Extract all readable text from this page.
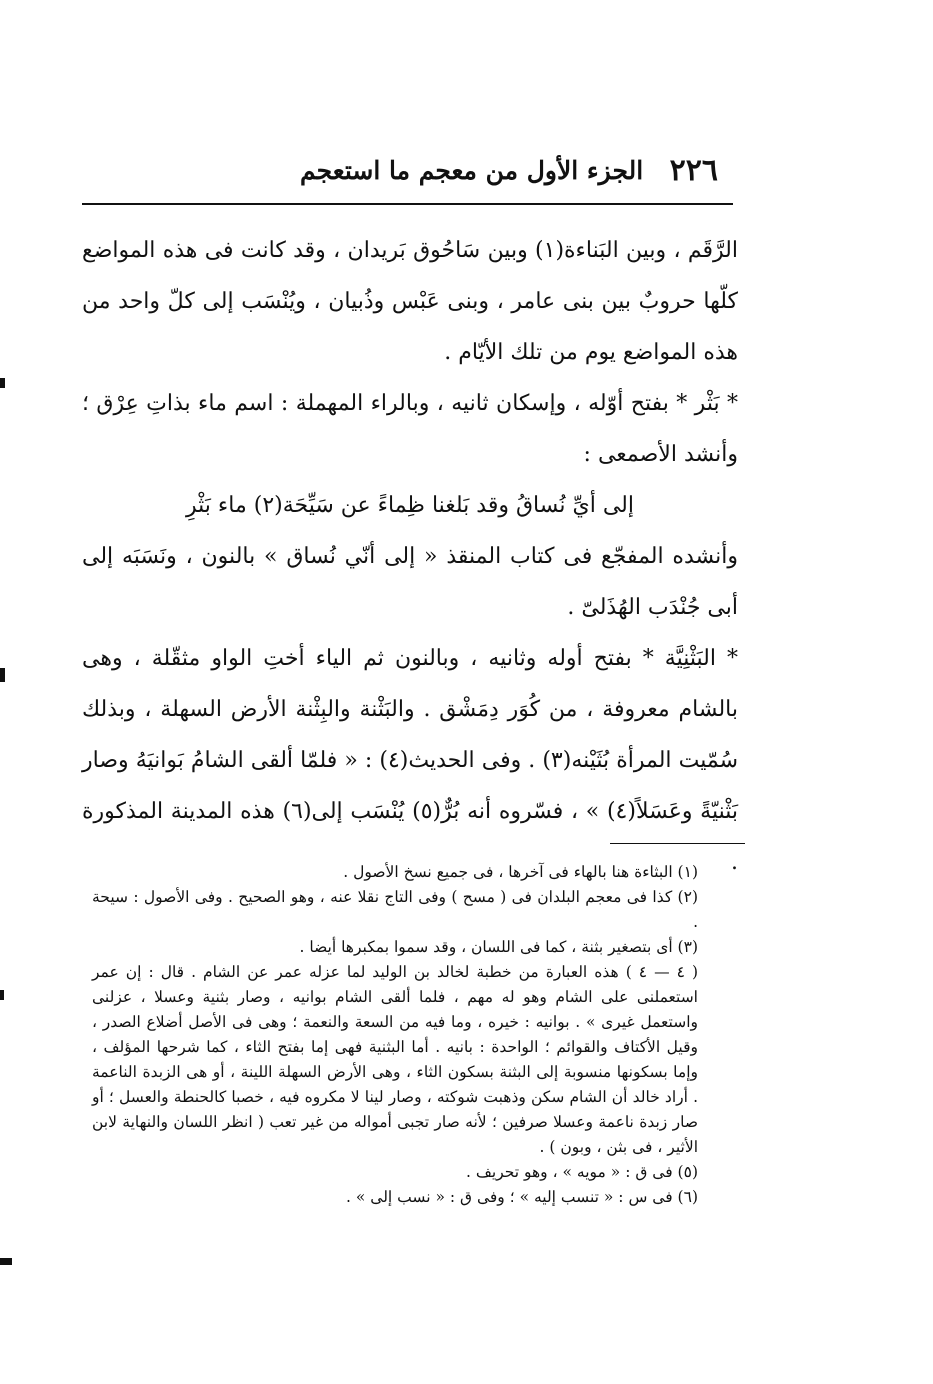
٢٢٦
الجزء الأول من معجم ما استعجم

الرَّقَم ، وبين البَناءة(١) وبين سَاحُوق بَريدان ، وقد كانت فى هذه المواضع كلّها حروبٌ بين بنى عامر ، وبنى عَبْس وذُبيان ، ويُنْسَب إلى كلّ واحد من هذه المواضع يوم من تلك الأيّام .

* بَثْر * بفتح أوّله ، وإسكان ثانيه ، وبالراء المهملة : اسم ماء بذاتِ عِرْق ؛ وأنشد الأصمعى :

إلى أيِّ نُساقُ وقد بَلغنا ظِماءً عن سَيِّحَة(٢) ماء بَثْرِ

وأنشده المفجّع فى كتاب المنقذ « إلى أنّي نُساق » بالنون ، ونَسَبَه إلى أبى جُنْدَب الهُذَلىّ .

* البَثْنِيَّة * بفتح أوله وثانيه ، وبالنون ثم الياء أختِ الواو مثقّلة ، وهى بالشام معروفة ، من كُوَر دِمَشْق . والبَثْنة والبِثْنة الأرض السهلة ، وبذلك سُمّيت المرأة بُثَيْنه(٣) . وفى الحديث(٤) : « فلمّا ألقى الشامُ بَوانيَهُ وصار بَثْنيّةً وعَسَلاً(٤) » ، فسّروه أنه بُرٌّ(٥) يُنْسَب إلى(٦) هذه المدينة المذكورة .

(١) البثاءة هنا بالهاء فى آخرها ، فى جميع نسخ الأصول .

(٢) كذا فى معجم البلدان فى ( مسح ) وفى التاج نقلا عنه ، وهو الصحيح . وفى الأصول : سيحة .

(٣) أى بتصغير بثنة ، كما فى اللسان ، وقد سموا بمكبرها أيضا .

( ٤ — ٤ ) هذه العبارة من خطبة لخالد بن الوليد لما عزله عمر عن الشام . قال : إن عمر استعملنى على الشام وهو له مهم ، فلما ألقى الشام بوانيه ، وصار بثنية وعسلا ، عزلنى واستعمل غيرى » . بوانيه : خيره ، وما فيه من السعة والنعمة ؛ وهى فى الأصل أضلاع الصدر ، وقيل الأكتاف والقوائم ؛ الواحدة : بانيه . أما البثنية فهى إما بفتح الثاء ، كما شرحها المؤلف ، وإما بسكونها منسوبة إلى البثنة بسكون الثاء ، وهى الأرض السهلة اللينة ، أو هى الزبدة الناعمة . أراد خالد أن الشام سكن وذهبت شوكته ، وصار لينا لا مكروه فيه ، خصبا كالحنطة والعسل ؛ أو صار زبدة ناعمة وعسلا صرفين ؛ لأنه صار تجبى أمواله من غير تعب ( انظر اللسان والنهاية لابن الأثير ، فى بثن ، وبون ) .

(٥) فى ق : « مويه » ، وهو تحريف .

(٦) فى س : « تنسب إليه » ؛ وفى ق : « نسب إلى » .
